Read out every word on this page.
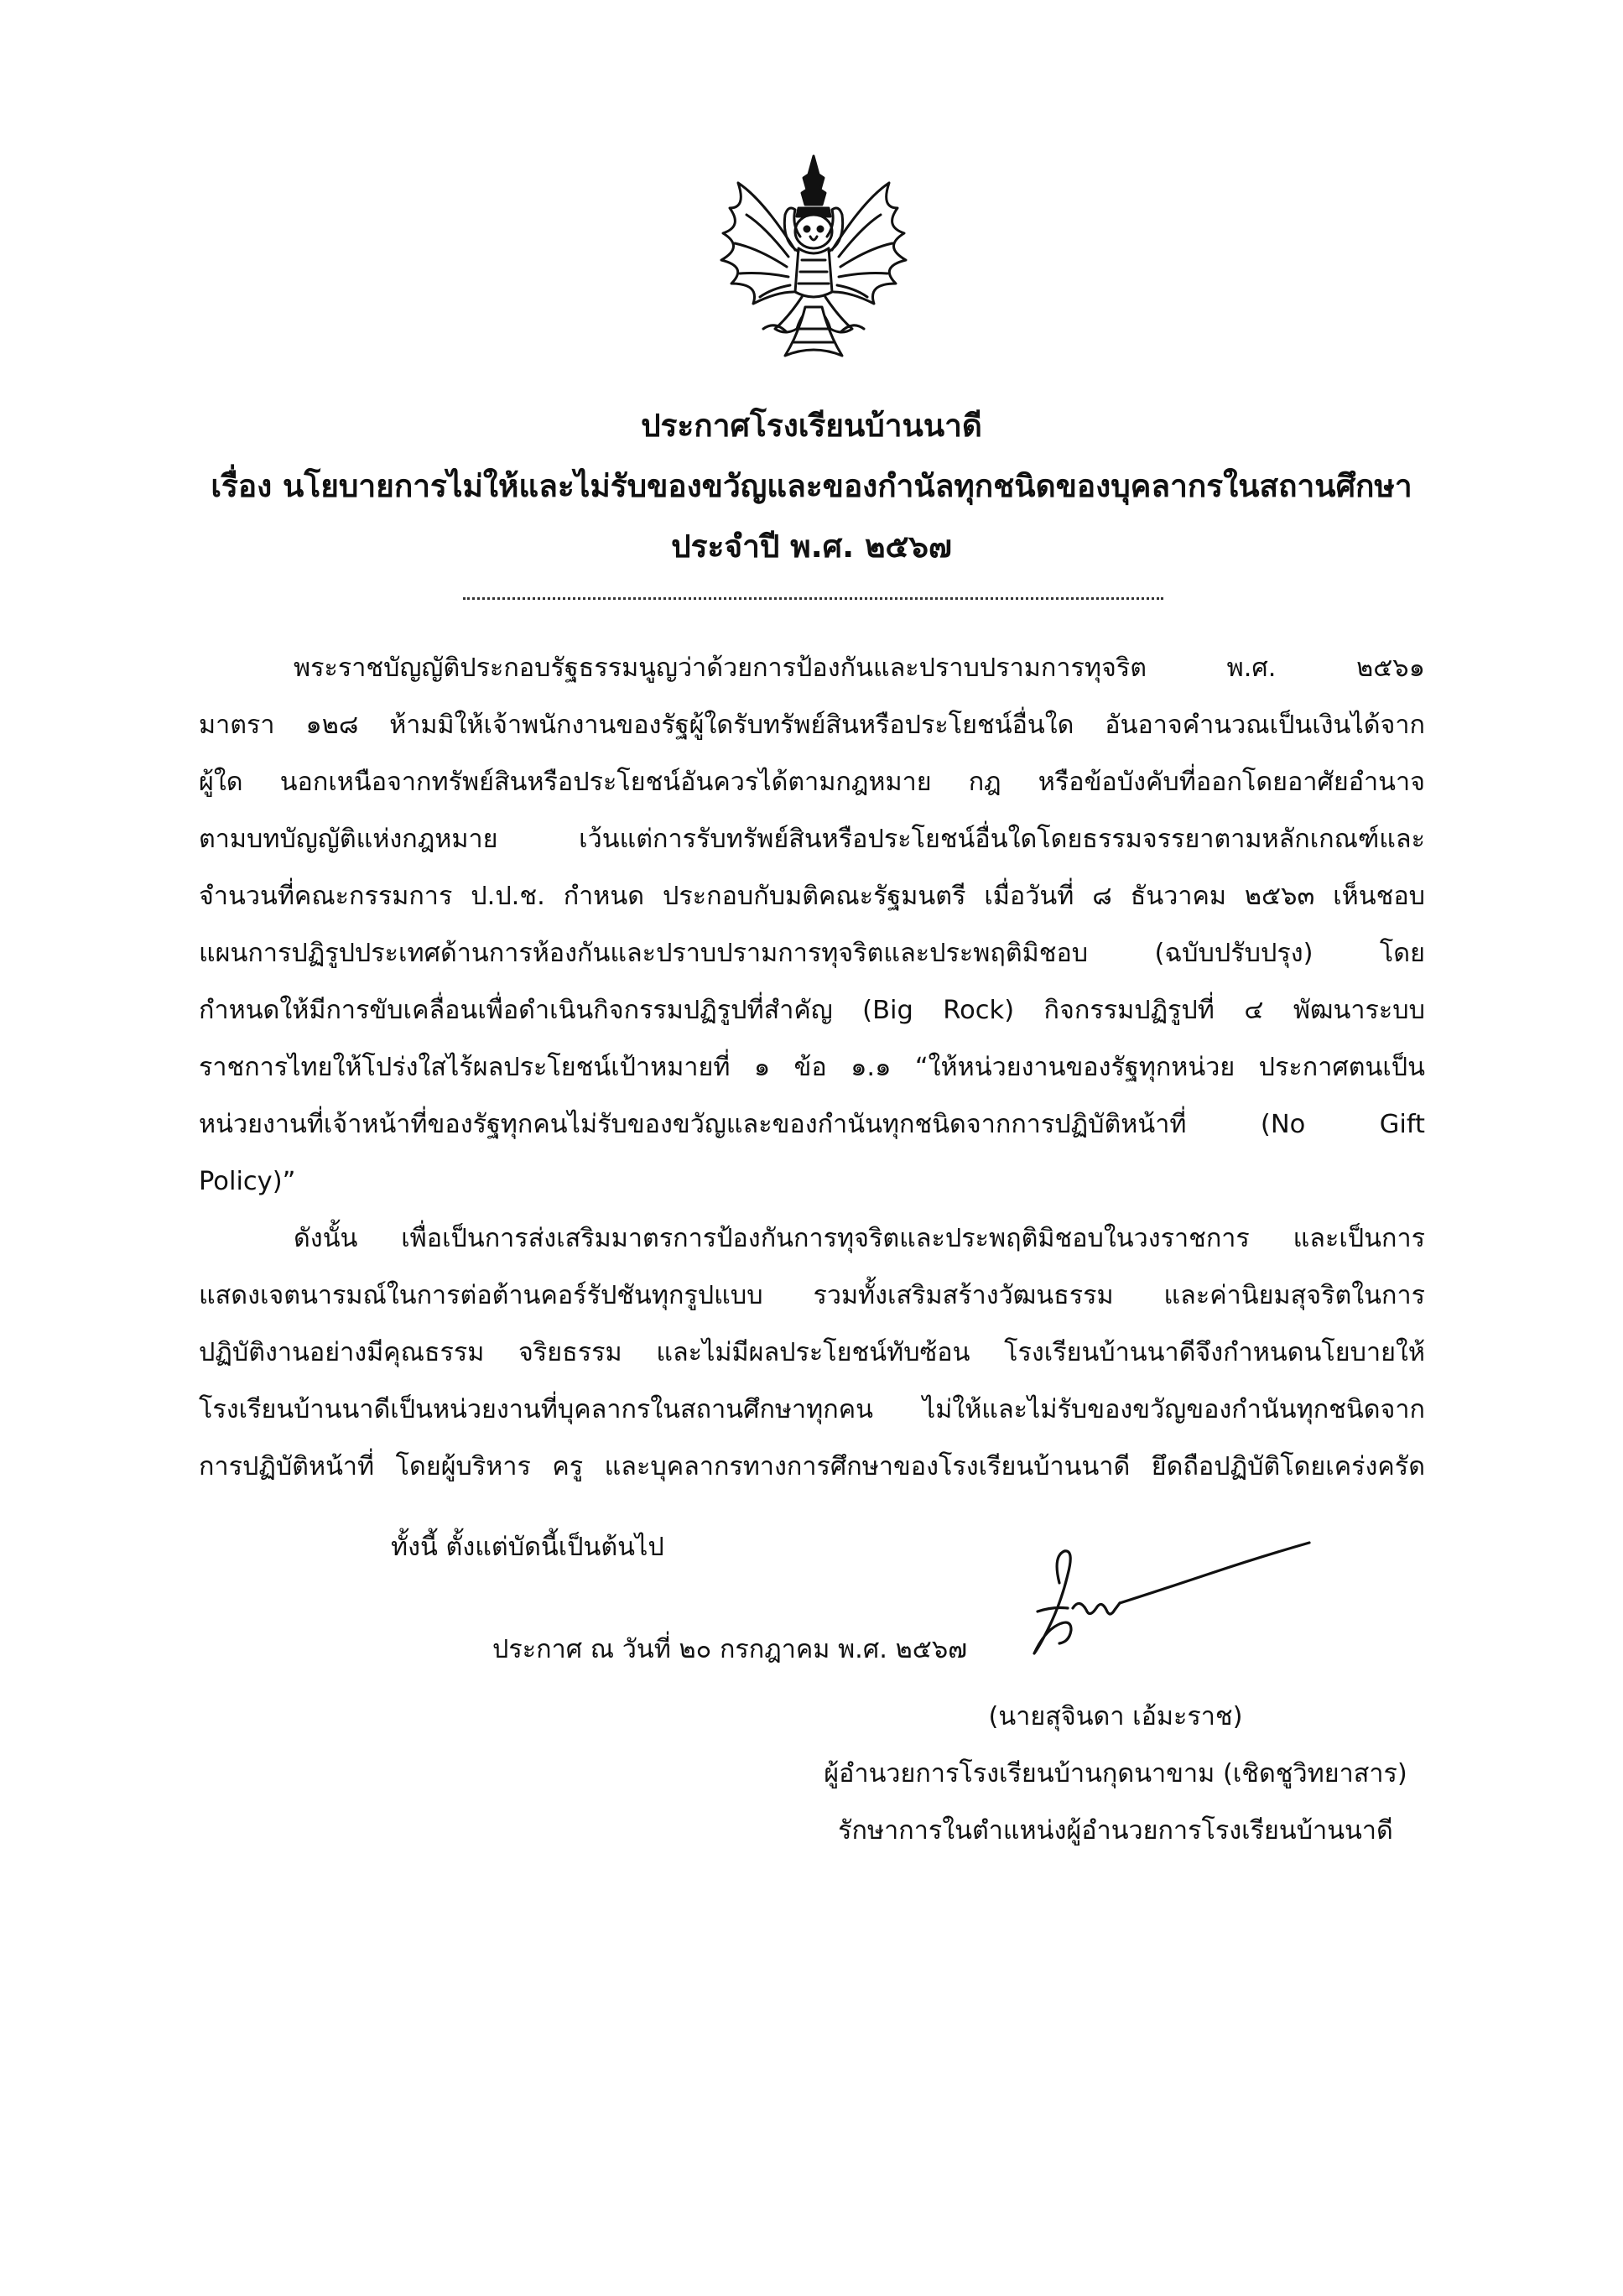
ประกาศโรงเรียนบ้านนาดี
เรื่อง นโยบายการไม่ให้และไม่รับของขวัญและของกำนัลทุกชนิดของบุคลากรในสถานศึกษา
ประจำปี พ.ศ. ๒๕๖๗
พระราชบัญญัติประกอบรัฐธรรมนูญว่าด้วยการป้องกันและปราบปรามการทุจริต พ.ศ. ๒๕๖๑
มาตรา ๑๒๘ ห้ามมิให้เจ้าพนักงานของรัฐผู้ใดรับทรัพย์สินหรือประโยชน์อื่นใด อันอาจคำนวณเป็นเงินได้จาก
ผู้ใด นอกเหนือจากทรัพย์สินหรือประโยชน์อันควรได้ตามกฎหมาย กฎ หรือข้อบังคับที่ออกโดยอาศัยอำนาจ
ตามบทบัญญัติแห่งกฎหมาย เว้นแต่การรับทรัพย์สินหรือประโยชน์อื่นใดโดยธรรมจรรยาตามหลักเกณฑ์และ
จำนวนที่คณะกรรมการ ป.ป.ช. กำหนด ประกอบกับมติคณะรัฐมนตรี เมื่อวันที่ ๘ ธันวาคม ๒๕๖๓ เห็นชอบ
แผนการปฏิรูปประเทศด้านการห้องกันและปราบปรามการทุจริตและประพฤติมิชอบ (ฉบับปรับปรุง) โดย
กำหนดให้มีการขับเคลื่อนเพื่อดำเนินกิจกรรมปฏิรูปที่สำคัญ (Big Rock) กิจกรรมปฏิรูปที่ ๔ พัฒนาระบบ
ราชการไทยให้โปร่งใสไร้ผลประโยชน์เป้าหมายที่ ๑ ข้อ ๑.๑ “ให้หน่วยงานของรัฐทุกหน่วย ประกาศตนเป็น
หน่วยงานที่เจ้าหน้าที่ของรัฐทุกคนไม่รับของขวัญและของกำนันทุกชนิดจากการปฏิบัติหน้าที่ (No Gift
Policy)”
ดังนั้น เพื่อเป็นการส่งเสริมมาตรการป้องกันการทุจริตและประพฤติมิชอบในวงราชการ และเป็นการ
แสดงเจตนารมณ์ในการต่อต้านคอร์รัปชันทุกรูปแบบ รวมทั้งเสริมสร้างวัฒนธรรม และค่านิยมสุจริตในการ
ปฏิบัติงานอย่างมีคุณธรรม จริยธรรม และไม่มีผลประโยชน์ทับซ้อน โรงเรียนบ้านนาดีจึงกำหนดนโยบายให้
โรงเรียนบ้านนาดีเป็นหน่วยงานที่บุคลากรในสถานศึกษาทุกคน ไม่ให้และไม่รับของขวัญของกำนันทุกชนิดจาก
การปฏิบัติหน้าที่ โดยผู้บริหาร ครู และบุคลากรทางการศึกษาของโรงเรียนบ้านนาดี ยึดถือปฏิบัติโดยเคร่งครัด
ทั้งนี้ ตั้งแต่บัดนี้เป็นต้นไป
ประกาศ ณ วันที่ ๒๐ กรกฎาคม พ.ศ. ๒๕๖๗
(นายสุจินดา เอ้มะราช)
ผู้อำนวยการโรงเรียนบ้านกุดนาขาม (เชิดชูวิทยาสาร)
รักษาการในตำแหน่งผู้อำนวยการโรงเรียนบ้านนาดี
